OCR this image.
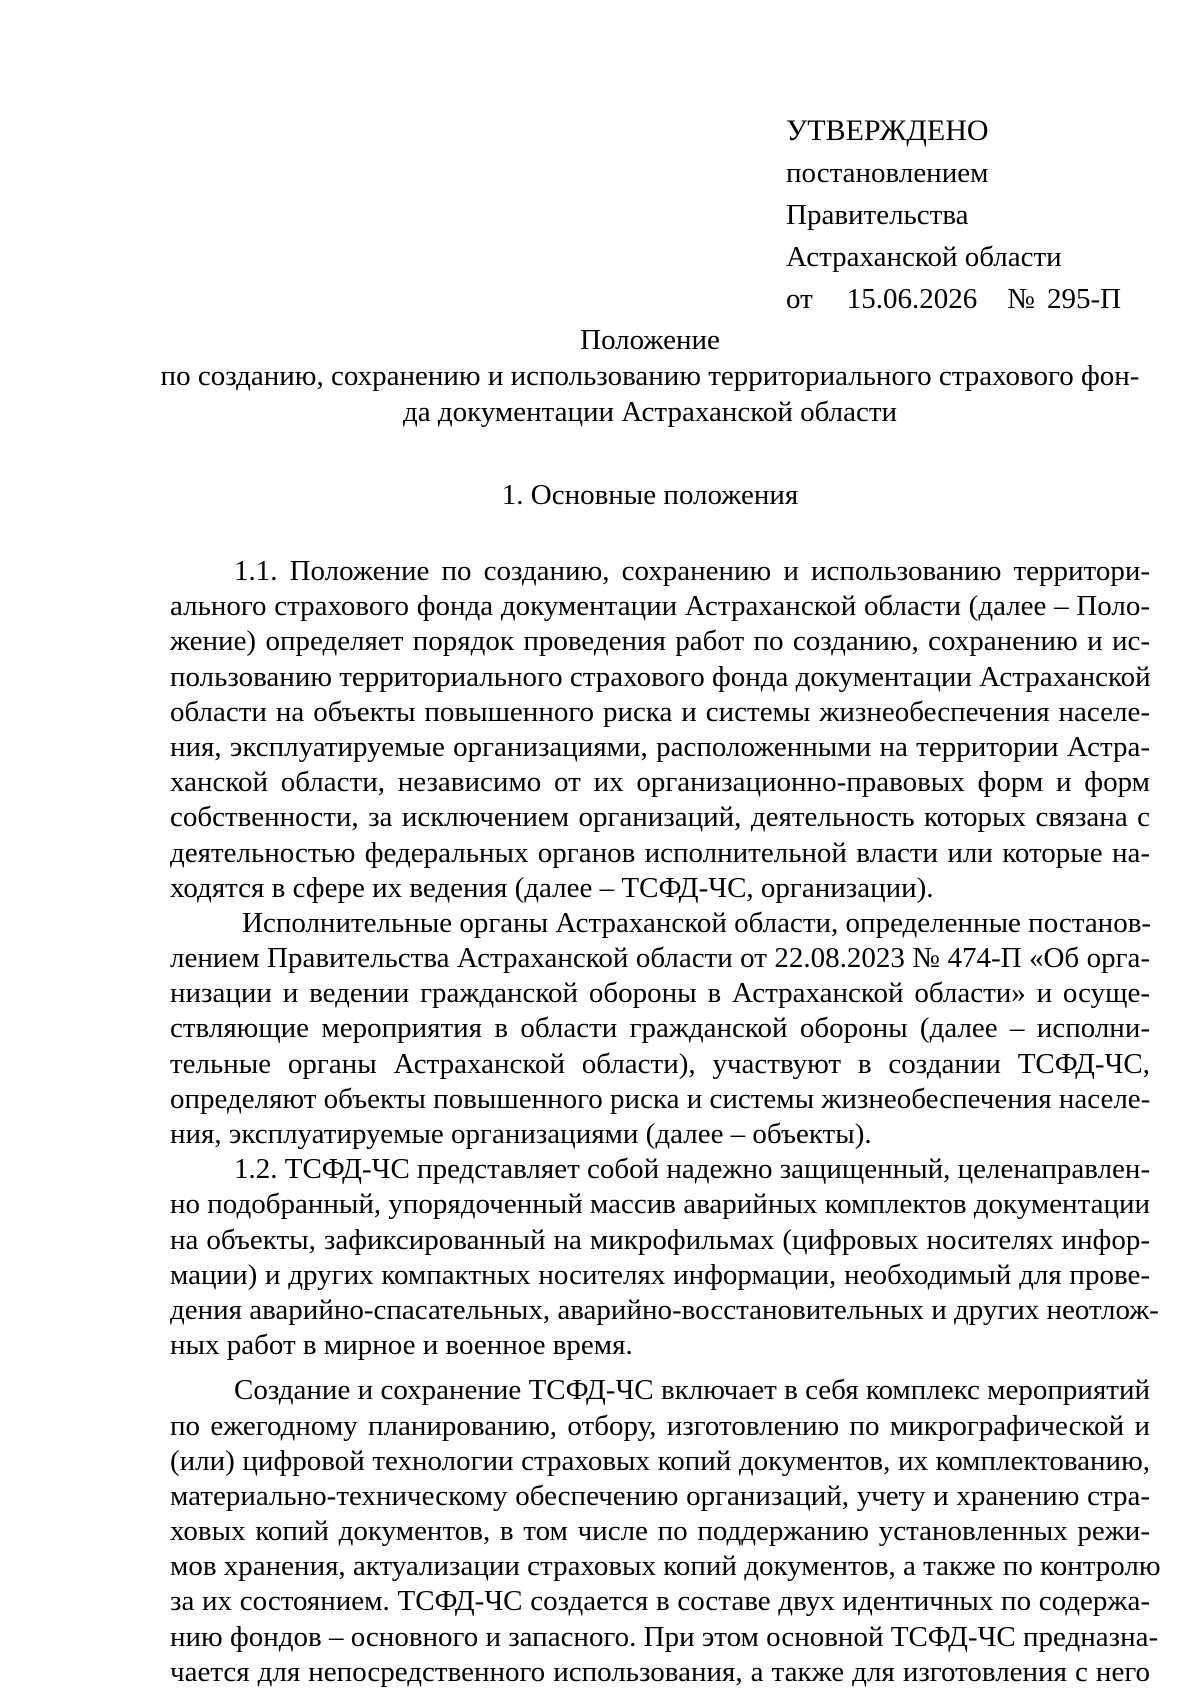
УТВЕРЖДЕНО
постановлением
Правительства
Астраханской области
от 15.06.2026 № 295-П
Положение
по созданию, сохранению и использованию территориального страхового фон-
да документации Астраханской области
1. Основные положения
1.1. Положение по созданию, сохранению и использованию территори-
ального страхового фонда документации Астраханской области (далее – Поло-
жение) определяет порядок проведения работ по созданию, сохранению и ис-
пользованию территориального страхового фонда документации Астраханской
области на объекты повышенного риска и системы жизнеобеспечения населе-
ния, эксплуатируемые организациями, расположенными на территории Астра-
ханской области, независимо от их организационно-правовых форм и форм
собственности, за исключением организаций, деятельность которых связана с
деятельностью федеральных органов исполнительной власти или которые на-
ходятся в сфере их ведения (далее – ТСФД-ЧС, организации).
Исполнительные органы Астраханской области, определенные постанов-
лением Правительства Астраханской области от 22.08.2023 № 474-П «Об орга-
низации и ведении гражданской обороны в Астраханской области» и осуще-
ствляющие мероприятия в области гражданской обороны (далее – исполни-
тельные органы Астраханской области), участвуют в создании ТСФД-ЧС,
определяют объекты повышенного риска и системы жизнеобеспечения населе-
ния, эксплуатируемые организациями (далее – объекты).
1.2. ТСФД-ЧС представляет собой надежно защищенный, целенаправлен-
но подобранный, упорядоченный массив аварийных комплектов документации
на объекты, зафиксированный на микрофильмах (цифровых носителях инфор-
мации) и других компактных носителях информации, необходимый для прове-
дения аварийно-спасательных, аварийно-восстановительных и других неотлож-
ных работ в мирное и военное время.
Создание и сохранение ТСФД-ЧС включает в себя комплекс мероприятий
по ежегодному планированию, отбору, изготовлению по микрографической и
(или) цифровой технологии страховых копий документов, их комплектованию,
материально-техническому обеспечению организаций, учету и хранению стра-
ховых копий документов, в том числе по поддержанию установленных режи-
мов хранения, актуализации страховых копий документов, а также по контролю
за их состоянием. ТСФД-ЧС создается в составе двух идентичных по содержа-
нию фондов – основного и запасного. При этом основной ТСФД-ЧС предназна-
чается для непосредственного использования, а также для изготовления с него
